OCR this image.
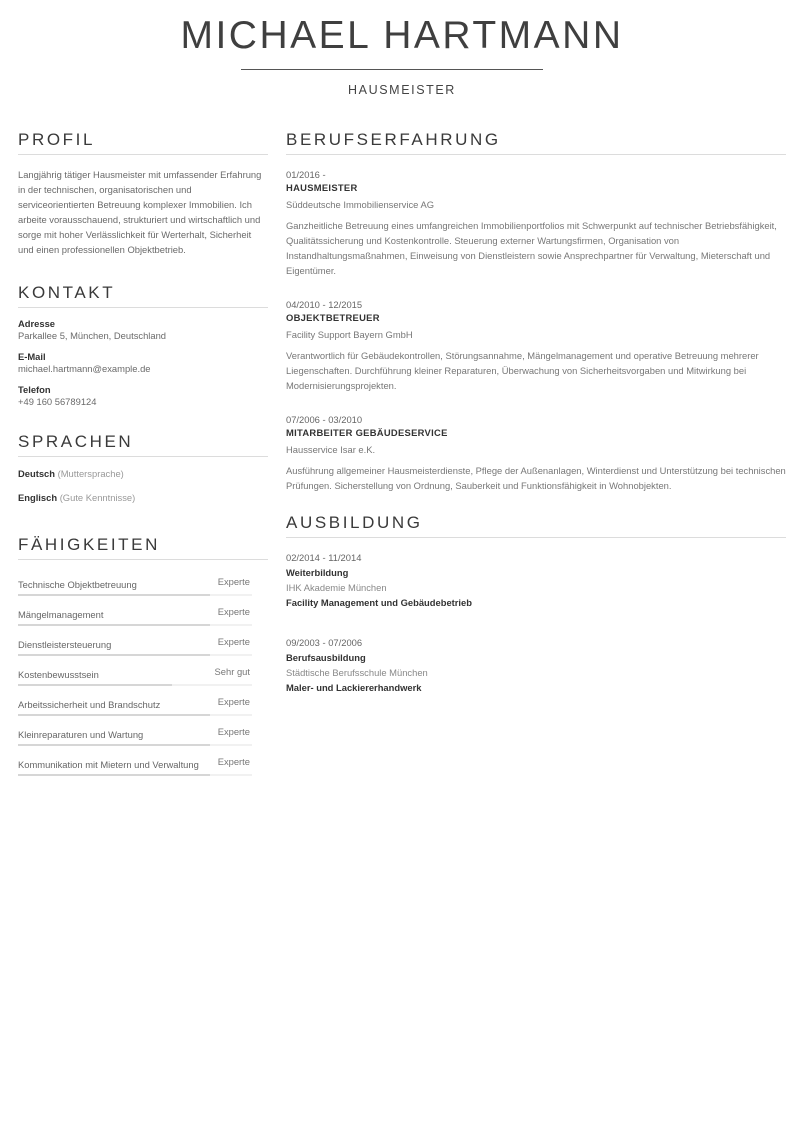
MICHAEL HARTMANN
HAUSMEISTER
PROFIL
Langjährig tätiger Hausmeister mit umfassender Erfahrung in der technischen, organisatorischen und serviceorientierten Betreuung komplexer Immobilien. Ich arbeite vorausschauend, strukturiert und wirtschaftlich und sorge mit hoher Verlässlichkeit für Werterhalt, Sicherheit und einen professionellen Objektbetrieb.
KONTAKT
Adresse
Parkallee 5, München, Deutschland
E-Mail
michael.hartmann@example.de
Telefon
+49 160 56789124
SPRACHEN
Deutsch (Muttersprache)
Englisch (Gute Kenntnisse)
FÄHIGKEITEN
Technische Objektbetreuung	Experte
Mängelmanagement	Experte
Dienstleistersteuerung	Experte
Kostenbewusstsein	Sehr gut
Arbeitssicherheit und Brandschutz	Experte
Kleinreparaturen und Wartung	Experte
Kommunikation mit Mietern und Verwaltung Experte
BERUFSERFAHRUNG
01/2016 -
HAUSMEISTER
Süddeutsche Immobilienservice AG
Ganzheitliche Betreuung eines umfangreichen Immobilienportfolios mit Schwerpunkt auf technischer Betriebsfähigkeit, Qualitätssicherung und Kostenkontrolle. Steuerung externer Wartungsfirmen, Organisation von Instandhaltungsmaßnahmen, Einweisung von Dienstleistern sowie Ansprechpartner für Verwaltung, Mieterschaft und Eigentümer.
04/2010 - 12/2015
OBJEKTBETREUER
Facility Support Bayern GmbH
Verantwortlich für Gebäudekontrollen, Störungsannahme, Mängelmanagement und operative Betreuung mehrerer Liegenschaften. Durchführung kleiner Reparaturen, Überwachung von Sicherheitsvorgaben und Mitwirkung bei Modernisierungsprojekten.
07/2006 - 03/2010
MITARBEITER GEBÄUDESERVICE
Hausservice Isar e.K.
Ausführung allgemeiner Hausmeisterdienste, Pflege der Außenanlagen, Winterdienst und Unterstützung bei technischen Prüfungen. Sicherstellung von Ordnung, Sauberkeit und Funktionsfähigkeit in Wohnobjekten.
AUSBILDUNG
02/2014 - 11/2014
Weiterbildung
IHK Akademie München
Facility Management und Gebäudebetrieb
09/2003 - 07/2006
Berufsausbildung
Städtische Berufsschule München
Maler- und Lackiererhandwerk
